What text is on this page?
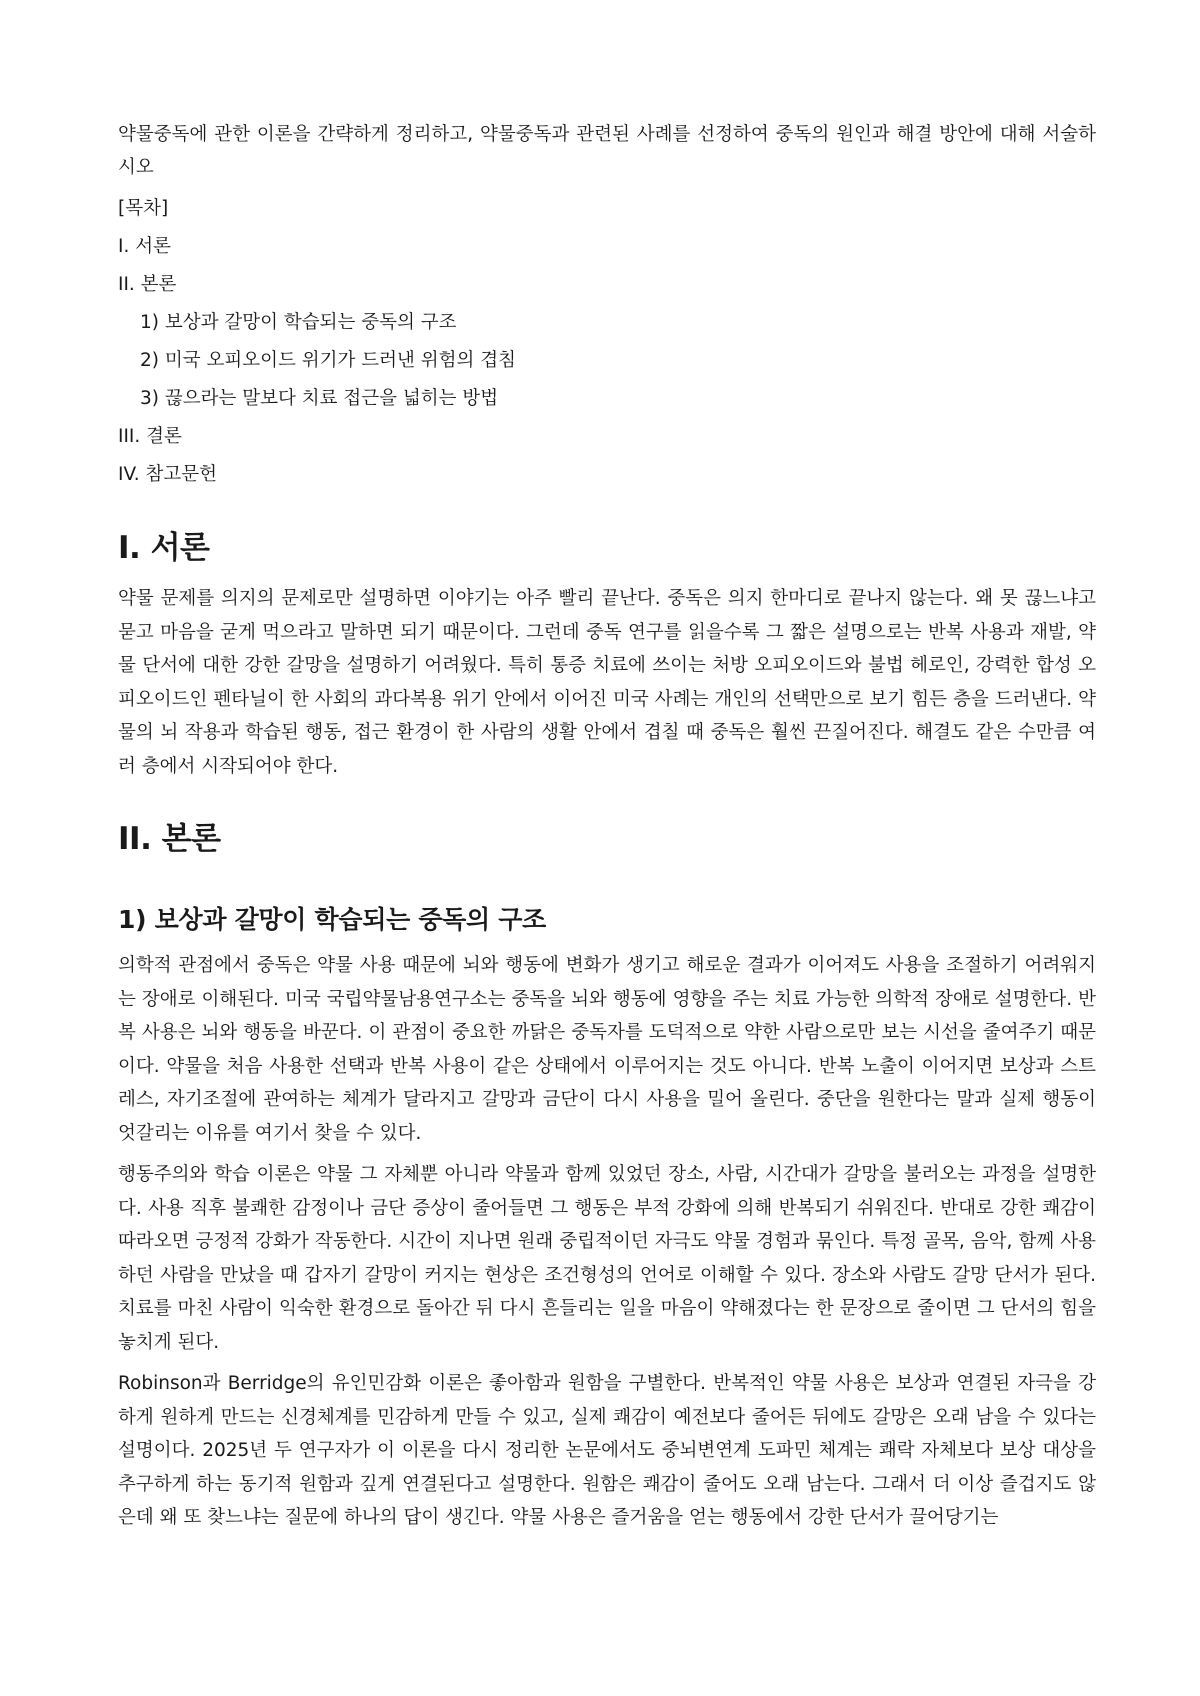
약물중독에 관한 이론을 간략하게 정리하고, 약물중독과 관련된 사례를 선정하여 중독의 원인과 해결 방안에 대해 서술하시오

[목차]
I. 서론
II. 본론
1) 보상과 갈망이 학습되는 중독의 구조
2) 미국 오피오이드 위기가 드러낸 위험의 겹침
3) 끊으라는 말보다 치료 접근을 넓히는 방법
III. 결론
IV. 참고문헌
I. 서론

약물 문제를 의지의 문제로만 설명하면 이야기는 아주 빨리 끝난다. 중독은 의지 한마디로 끝나지 않는다. 왜 못 끊느냐고 묻고 마음을 굳게 먹으라고 말하면 되기 때문이다. 그런데 중독 연구를 읽을수록 그 짧은 설명으로는 반복 사용과 재발, 약물 단서에 대한 강한 갈망을 설명하기 어려웠다. 특히 통증 치료에 쓰이는 처방 오피오이드와 불법 헤로인, 강력한 합성 오피오이드인 펜타닐이 한 사회의 과다복용 위기 안에서 이어진 미국 사례는 개인의 선택만으로 보기 힘든 층을 드러낸다. 약물의 뇌 작용과 학습된 행동, 접근 환경이 한 사람의 생활 안에서 겹칠 때 중독은 훨씬 끈질어진다. 해결도 같은 수만큼 여러 층에서 시작되어야 한다.

II. 본론
1) 보상과 갈망이 학습되는 중독의 구조

의학적 관점에서 중독은 약물 사용 때문에 뇌와 행동에 변화가 생기고 해로운 결과가 이어져도 사용을 조절하기 어려워지는 장애로 이해된다. 미국 국립약물남용연구소는 중독을 뇌와 행동에 영향을 주는 치료 가능한 의학적 장애로 설명한다. 반복 사용은 뇌와 행동을 바꾼다. 이 관점이 중요한 까닭은 중독자를 도덕적으로 약한 사람으로만 보는 시선을 줄여주기 때문이다. 약물을 처음 사용한 선택과 반복 사용이 같은 상태에서 이루어지는 것도 아니다. 반복 노출이 이어지면 보상과 스트레스, 자기조절에 관여하는 체계가 달라지고 갈망과 금단이 다시 사용을 밀어 올린다. 중단을 원한다는 말과 실제 행동이 엇갈리는 이유를 여기서 찾을 수 있다.

행동주의와 학습 이론은 약물 그 자체뿐 아니라 약물과 함께 있었던 장소, 사람, 시간대가 갈망을 불러오는 과정을 설명한다. 사용 직후 불쾌한 감정이나 금단 증상이 줄어들면 그 행동은 부적 강화에 의해 반복되기 쉬워진다. 반대로 강한 쾌감이 따라오면 긍정적 강화가 작동한다. 시간이 지나면 원래 중립적이던 자극도 약물 경험과 묶인다. 특정 골목, 음악, 함께 사용하던 사람을 만났을 때 갑자기 갈망이 커지는 현상은 조건형성의 언어로 이해할 수 있다. 장소와 사람도 갈망 단서가 된다. 치료를 마친 사람이 익숙한 환경으로 돌아간 뒤 다시 흔들리는 일을 마음이 약해졌다는 한 문장으로 줄이면 그 단서의 힘을 놓치게 된다.

Robinson과 Berridge의 유인민감화 이론은 좋아함과 원함을 구별한다. 반복적인 약물 사용은 보상과 연결된 자극을 강하게 원하게 만드는 신경체계를 민감하게 만들 수 있고, 실제 쾌감이 예전보다 줄어든 뒤에도 갈망은 오래 남을 수 있다는 설명이다. 2025년 두 연구자가 이 이론을 다시 정리한 논문에서도 중뇌변연계 도파민 체계는 쾌락 자체보다 보상 대상을 추구하게 하는 동기적 원함과 깊게 연결된다고 설명한다. 원함은 쾌감이 줄어도 오래 남는다. 그래서 더 이상 즐겁지도 않은데 왜 또 찾느냐는 질문에 하나의 답이 생긴다. 약물 사용은 즐거움을 얻는 행동에서 강한 단서가 끌어당기는
